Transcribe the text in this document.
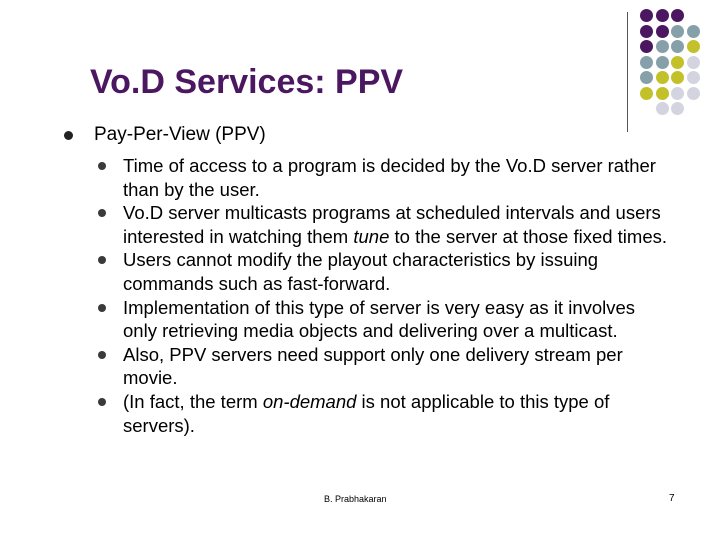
Vo.D Services: PPV
Pay-Per-View (PPV)
Time of access to a program is decided by the Vo.D server rather than by the user.
Vo.D server multicasts programs at scheduled intervals and users interested in watching them tune to the server at those fixed times.
Users cannot modify the playout characteristics by issuing commands such as fast-forward.
Implementation of this type of server is very easy as it involves only retrieving media objects and delivering over a multicast.
Also, PPV servers need support only one delivery stream per movie.
(In fact, the term on-demand is not applicable to this type of servers).
B. Prabhakaran	7
